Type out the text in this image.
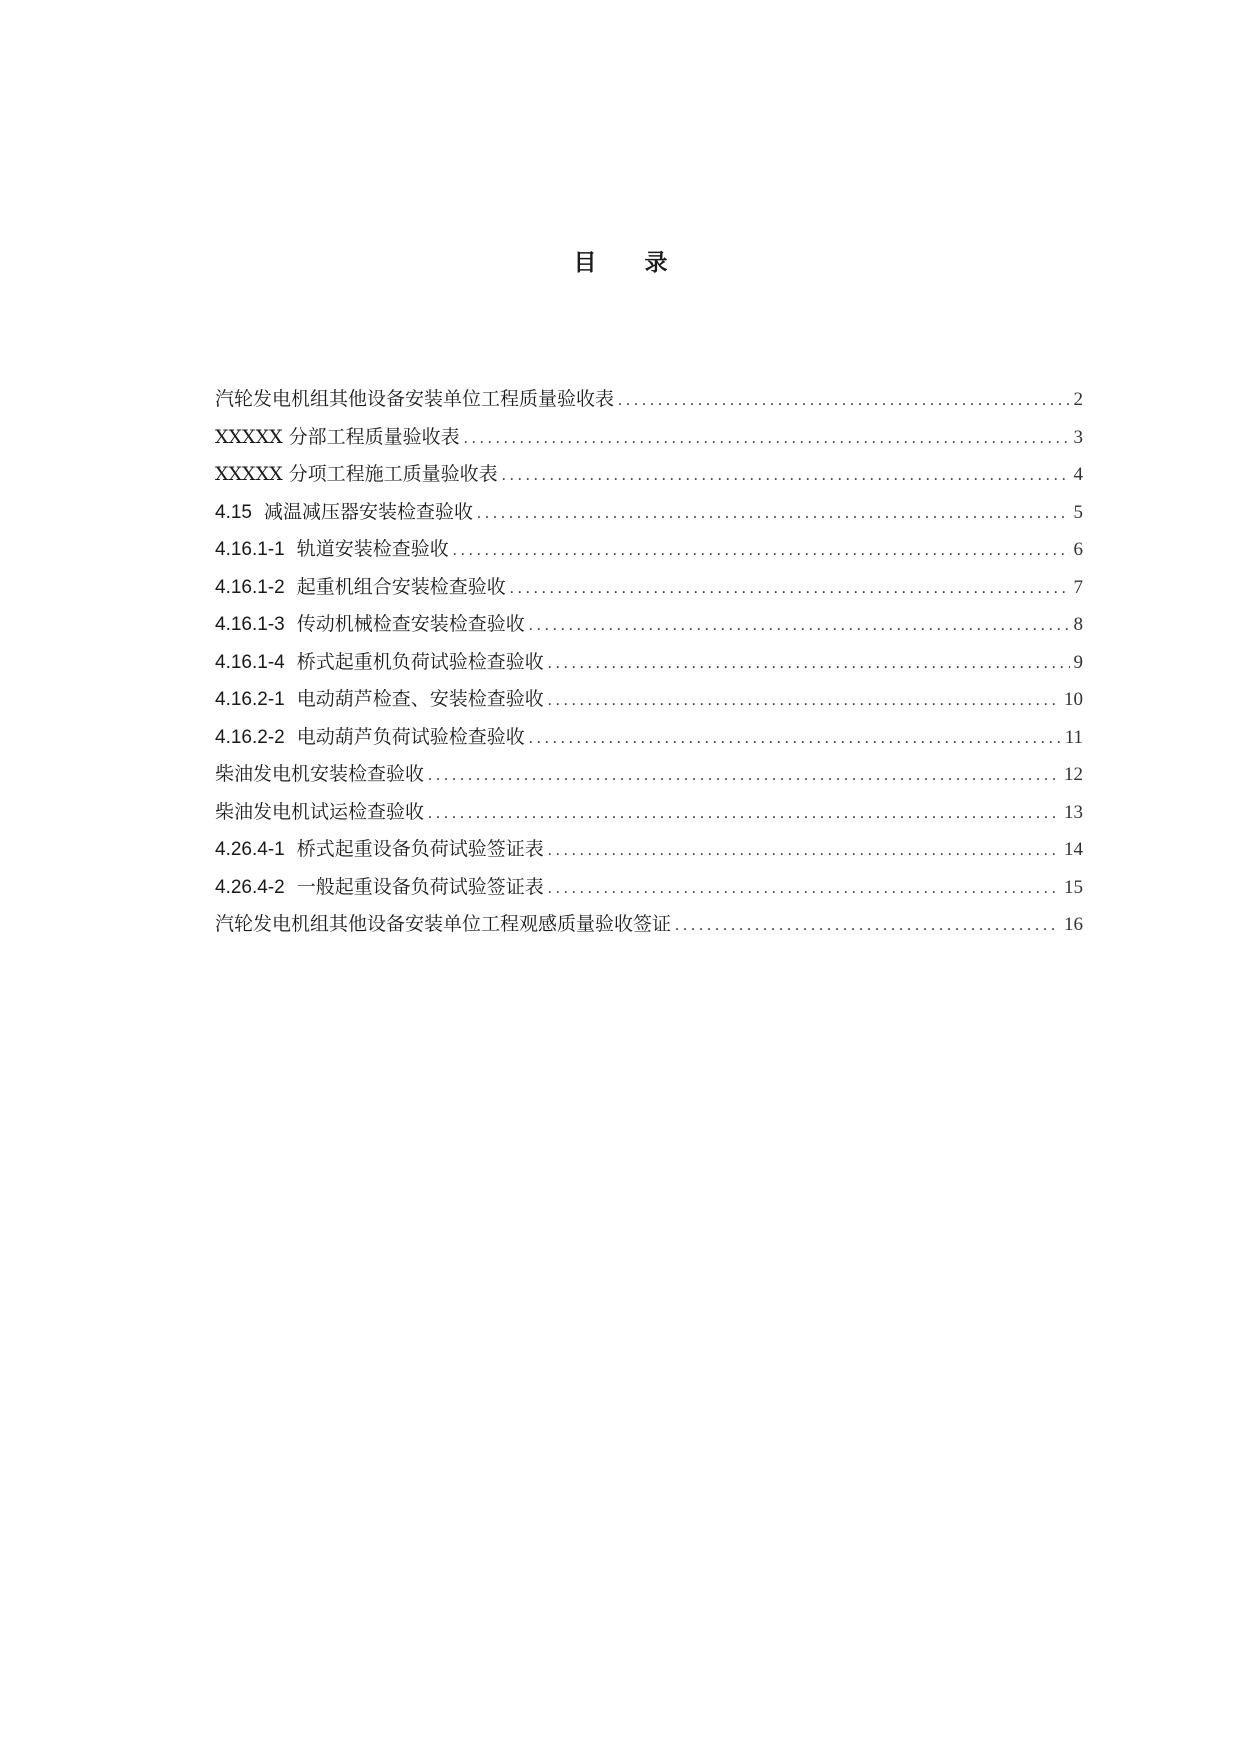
目录
汽轮发电机组其他设备安装单位工程质量验收表 . . .	2
XXXXX 分部工程质量验收表 . . .	3
XXXXX 分项工程施工质量验收表 . . .	4
4.15 减温减压器安装检查验收 . . .	5
4.16.1-1 轨道安装检查验收 . . .	6
4.16.1-2 起重机组合安装检查验收 . . .	7
4.16.1-3 传动机械检查安装检查验收 . . .	8
4.16.1-4 桥式起重机负荷试验检查验收 . . .	9
4.16.2-1 电动葫芦检查、安装检查验收 . . .	10
4.16.2-2 电动葫芦负荷试验检查验收 . . .	11
柴油发电机安装检查验收 . . .	12
柴油发电机试运检查验收 . . .	13
4.26.4-1 桥式起重设备负荷试验签证表 . . .	14
4.26.4-2 一般起重设备负荷试验签证表 . . .	15
汽轮发电机组其他设备安装单位工程观感质量验收签证 . . .	16
